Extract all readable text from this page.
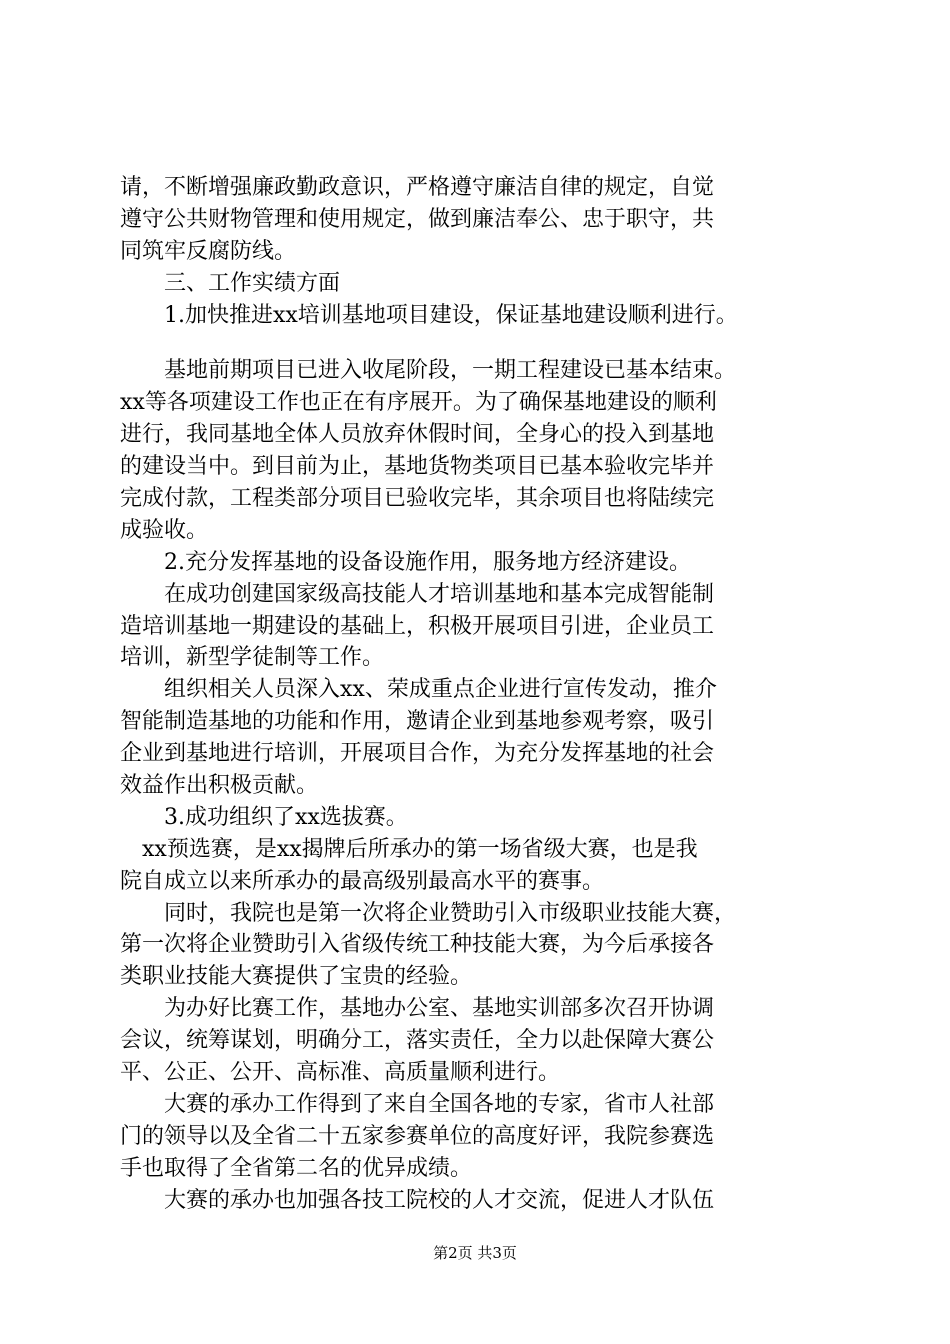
请，不断增强廉政勤政意识，严格遵守廉洁自律的规定，自觉
遵守公共财物管理和使用规定，做到廉洁奉公、忠于职守，共
同筑牢反腐防线。
　　三、工作实绩方面
　　1.加快推进xx培训基地项目建设，保证基地建设顺利进行。
　　基地前期项目已进入收尾阶段，一期工程建设已基本结束。
xx等各项建设工作也正在有序展开。为了确保基地建设的顺利
进行，我同基地全体人员放弃休假时间，全身心的投入到基地
的建设当中。到目前为止，基地货物类项目已基本验收完毕并
完成付款，工程类部分项目已验收完毕，其余项目也将陆续完
成验收。
　　2.充分发挥基地的设备设施作用，服务地方经济建设。
　　在成功创建国家级高技能人才培训基地和基本完成智能制
造培训基地一期建设的基础上，积极开展项目引进，企业员工
培训，新型学徒制等工作。
　　组织相关人员深入xx、荣成重点企业进行宣传发动，推介
智能制造基地的功能和作用，邀请企业到基地参观考察，吸引
企业到基地进行培训，开展项目合作，为充分发挥基地的社会
效益作出积极贡献。
　　3.成功组织了xx选拔赛。
　xx预选赛，是xx揭牌后所承办的第一场省级大赛，也是我
院自成立以来所承办的最高级别最高水平的赛事。
　　同时，我院也是第一次将企业赞助引入市级职业技能大赛，
第一次将企业赞助引入省级传统工种技能大赛，为今后承接各
类职业技能大赛提供了宝贵的经验。
　　为办好比赛工作，基地办公室、基地实训部多次召开协调
会议，统筹谋划，明确分工，落实责任，全力以赴保障大赛公
平、公正、公开、高标准、高质量顺利进行。
　　大赛的承办工作得到了来自全国各地的专家，省市人社部
门的领导以及全省二十五家参赛单位的高度好评，我院参赛选
手也取得了全省第二名的优异成绩。
　　大赛的承办也加强各技工院校的人才交流，促进人才队伍
第2页 共3页
